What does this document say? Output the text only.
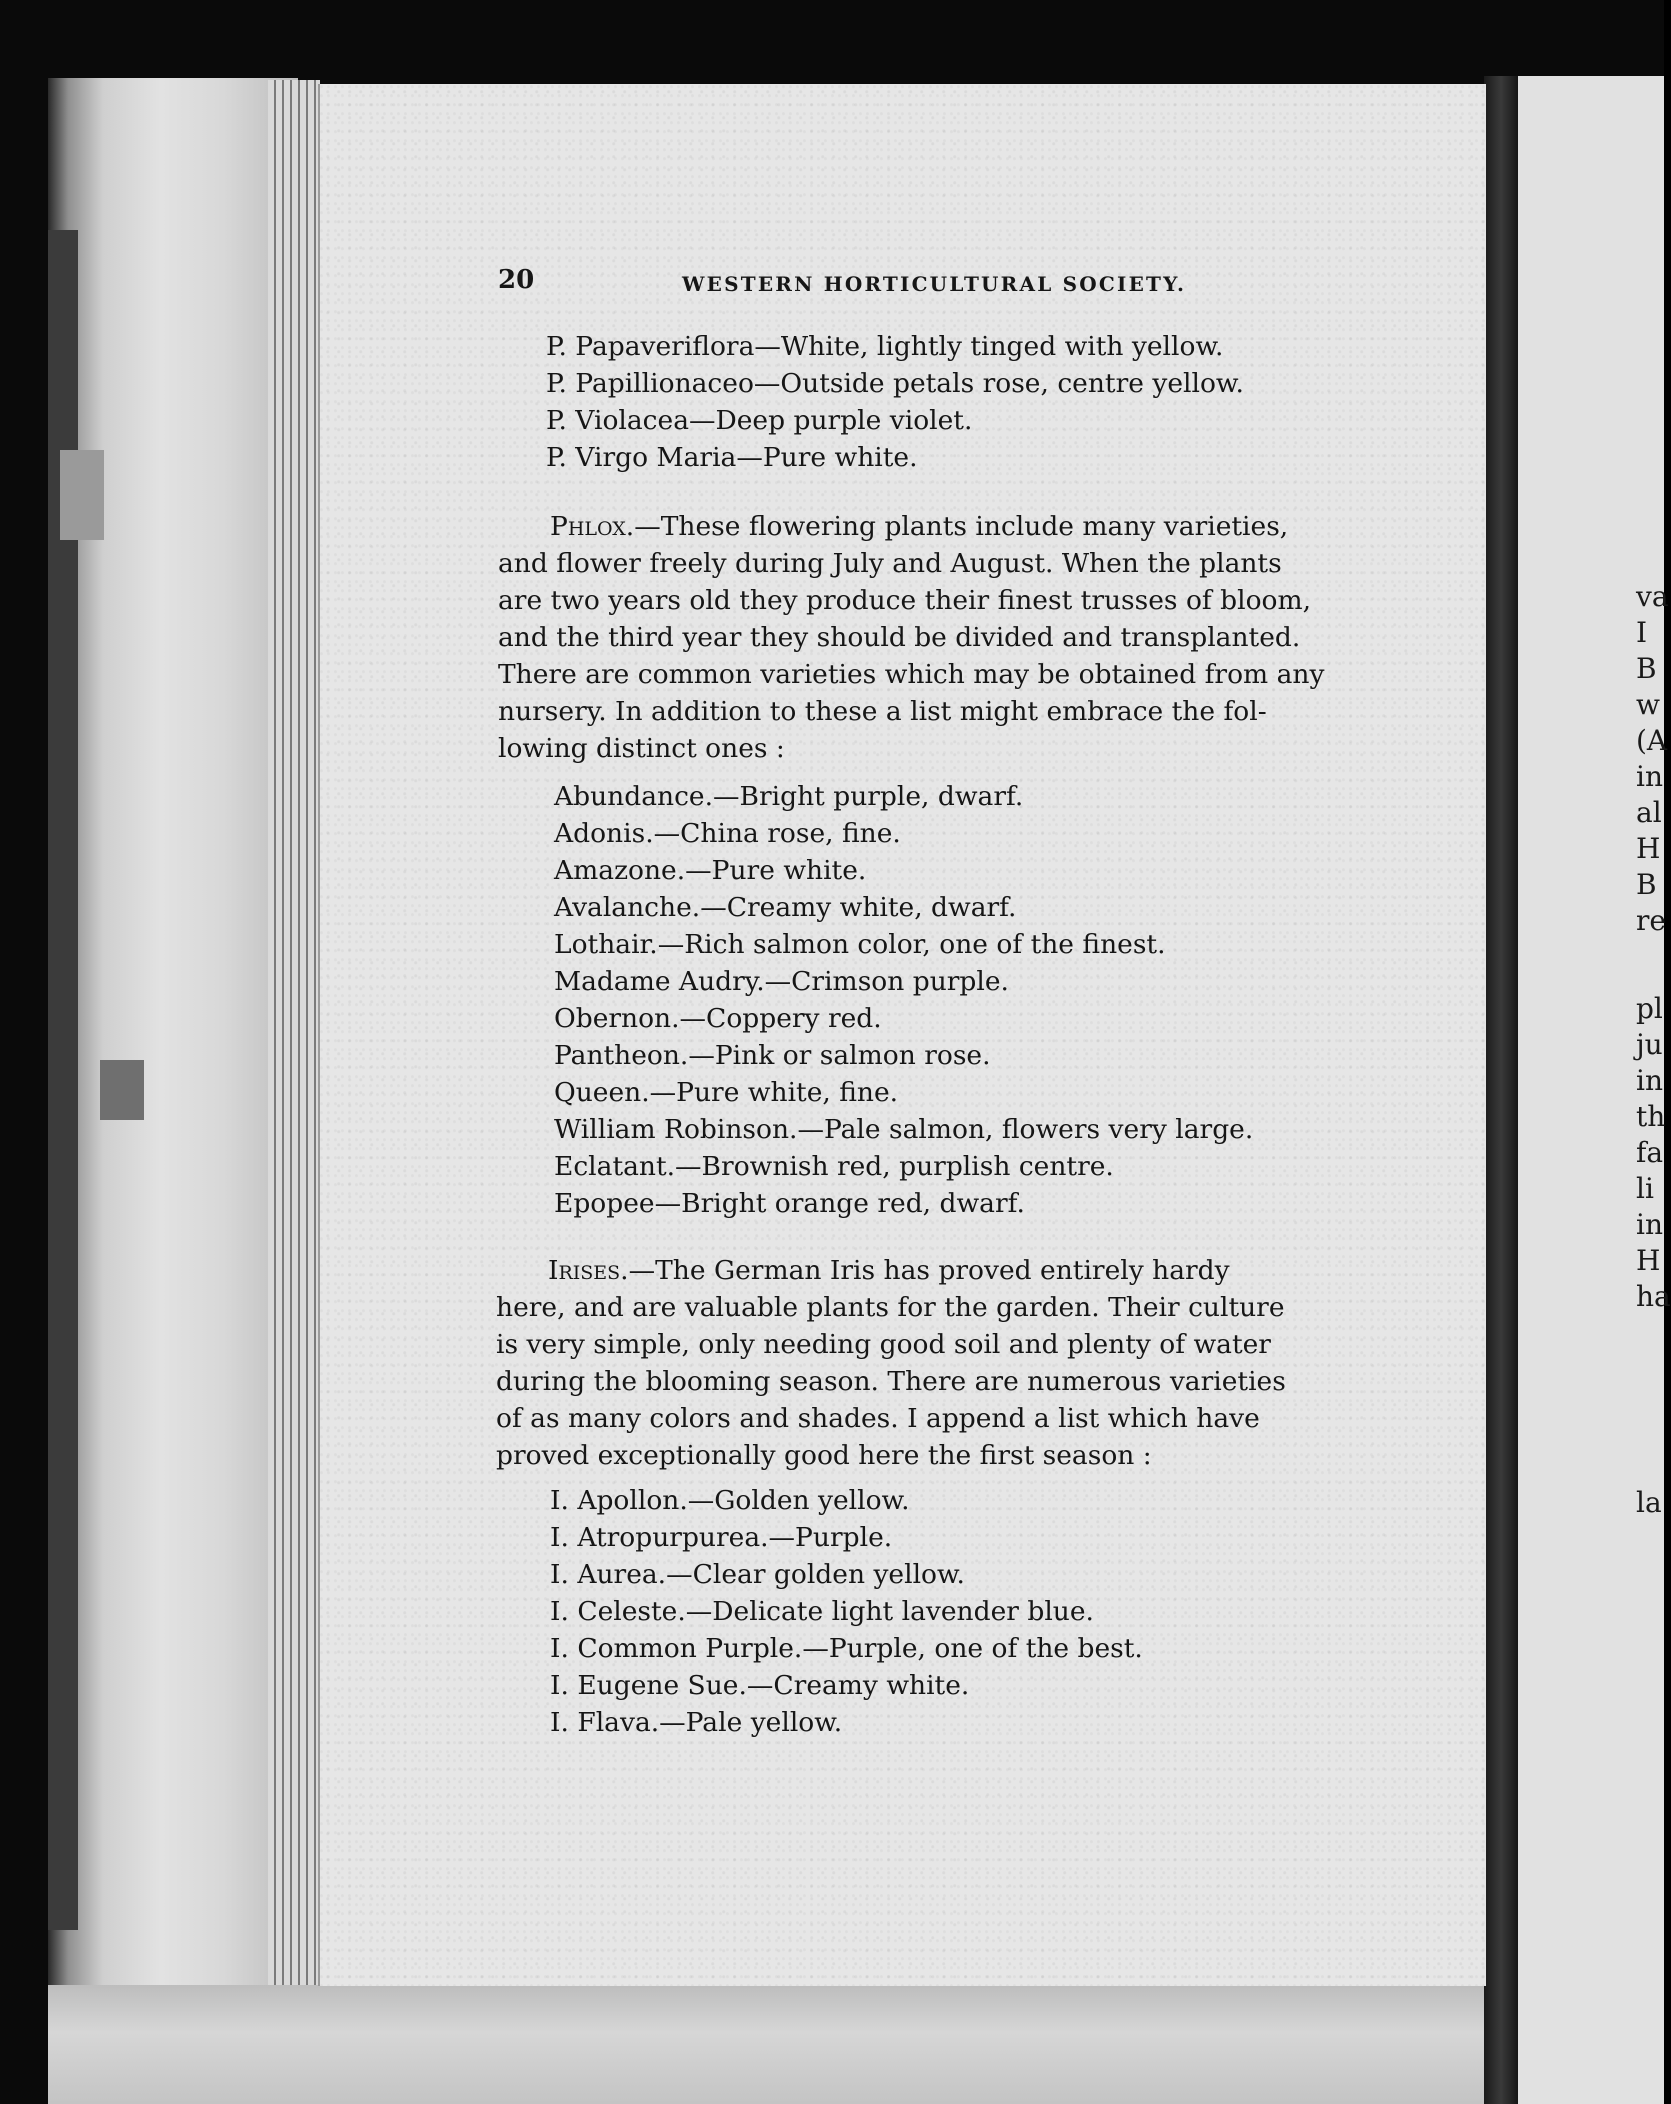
20	WESTERN HORTICULTURAL SOCIETY.
P. Papaveriflora—White, lightly tinged with yellow.
P. Papillionaceo—Outside petals rose, centre yellow.
P. Violacea—Deep purple violet.
P. Virgo Maria—Pure white.

Phlox.—These flowering plants include many varieties,

and flower freely during July and August. When the plants

are two years old they produce their finest trusses of bloom,

and the third year they should be divided and transplanted.

There are common varieties which may be obtained from any

nursery. In addition to these a list might embrace the fol-

lowing distinct ones :

Abundance.—Bright purple, dwarf.
Adonis.—China rose, fine.
Amazone.—Pure white.
Avalanche.—Creamy white, dwarf.
Lothair.—Rich salmon color, one of the finest.
Madame Audry.—Crimson purple.
Obernon.—Coppery red.
Pantheon.—Pink or salmon rose.
Queen.—Pure white, fine.
William Robinson.—Pale salmon, flowers very large.
Eclatant.—Brownish red, purplish centre.
Epopee—Bright orange red, dwarf.

Irises.—The German Iris has proved entirely hardy

here, and are valuable plants for the garden. Their culture

is very simple, only needing good soil and plenty of water

during the blooming season. There are numerous varieties

of as many colors and shades. I append a list which have

proved exceptionally good here the first season :

I. Apollon.—Golden yellow.
I. Atropurpurea.—Purple.
I. Aurea.—Clear golden yellow.
I. Celeste.—Delicate light lavender blue.
I. Common Purple.—Purple, one of the best.
I. Eugene Sue.—Creamy white.
I. Flava.—Pale yellow.
va
I
B
w
(A
in
al
H
B
re
pl
ju
in
th
fa
li
in
H
ha
la
